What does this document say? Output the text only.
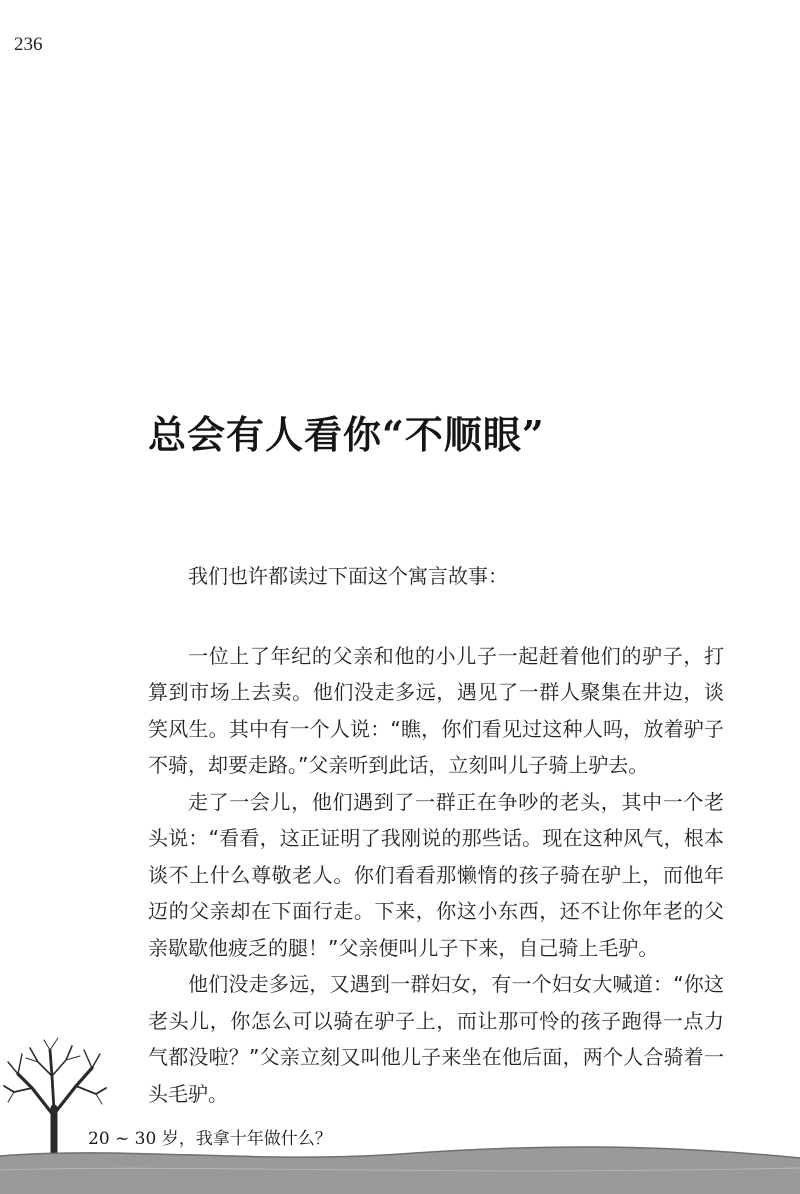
236
总会有人看你“不顺眼”

我们也许都读过下面这个寓言故事：

一位上了年纪的父亲和他的小儿子一起赶着他们的驴子，打算到市场上去卖。他们没走多远，遇见了一群人聚集在井边，谈笑风生。其中有一个人说：“瞧，你们看见过这种人吗，放着驴子不骑，却要走路。”父亲听到此话，立刻叫儿子骑上驴去。

走了一会儿，他们遇到了一群正在争吵的老头，其中一个老头说：“看看，这正证明了我刚说的那些话。现在这种风气，根本谈不上什么尊敬老人。你们看看那懒惰的孩子骑在驴上，而他年迈的父亲却在下面行走。下来，你这小东西，还不让你年老的父亲歇歇他疲乏的腿！”父亲便叫儿子下来，自己骑上毛驴。

他们没走多远，又遇到一群妇女，有一个妇女大喊道：“你这老头儿，你怎么可以骑在驴子上，而让那可怜的孩子跑得一点力气都没啦？”父亲立刻又叫他儿子来坐在他后面，两个人合骑着一头毛驴。

20 ~ 30 岁，我拿十年做什么？
